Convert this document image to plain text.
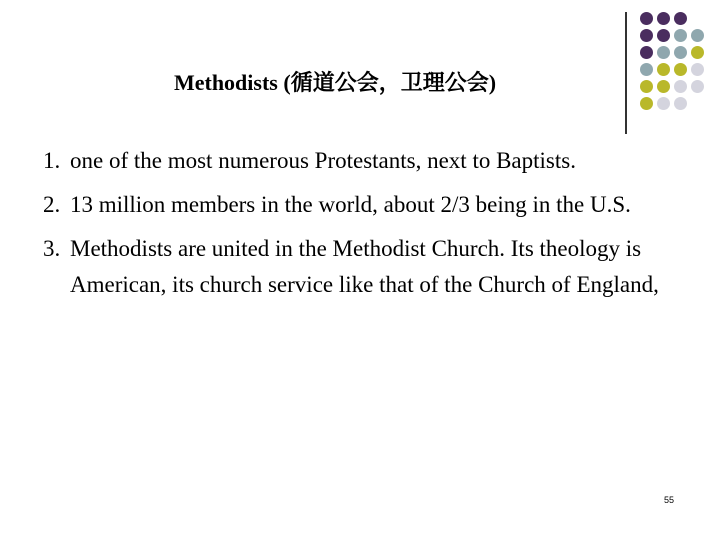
Methodists (循道公会，卫理公会)
1. one of the most numerous Protestants, next to Baptists.
2. 13 million members in the world, about 2/3 being in the U.S.
3. Methodists are united in the Methodist Church. Its theology is American, its church service like that of the Church of England,
55
